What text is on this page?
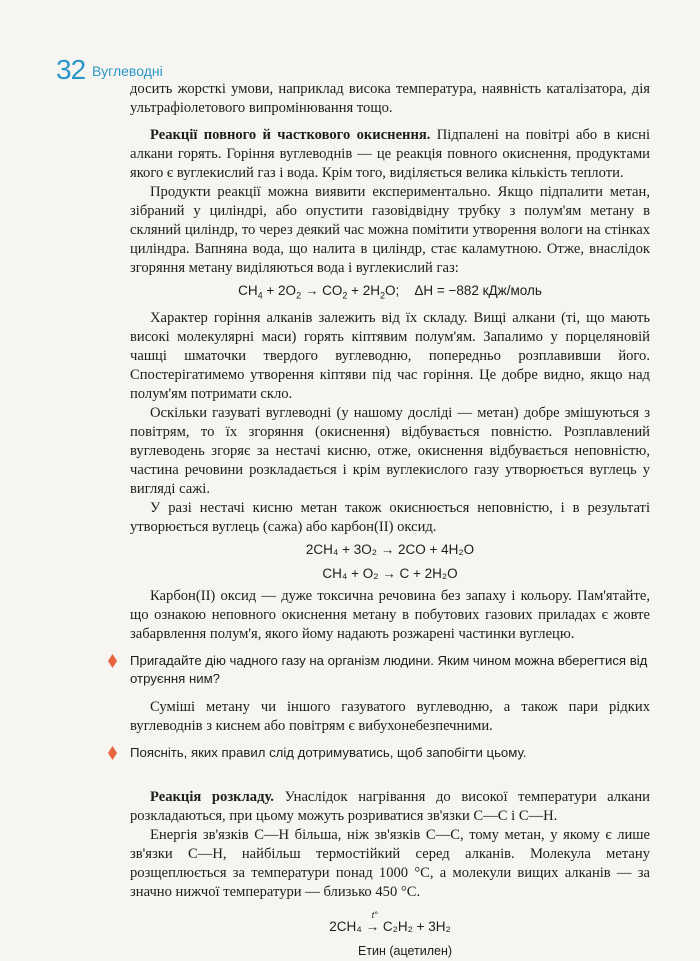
32 Вуглеводні

досить жорсткі умови, наприклад висока температура, наявність каталізатора, дія ультрафіолетового випромінювання тощо.

Реакції повного й часткового окиснення. Підпалені на повітрі або в кисні алкани горять. Горіння вуглеводнів — це реакція повного окиснення, продуктами якого є вуглекислий газ і вода. Крім того, виділяється велика кількість теплоти.

Продукти реакції можна виявити експериментально. Якщо підпалити метан, зібраний у циліндрі, або опустити газовідвідну трубку з полум'ям метану в скляний циліндр, то через деякий час можна помітити утворення вологи на стінках циліндра. Вапняна вода, що налита в циліндр, стає каламутною. Отже, внаслідок згоряння метану виділяються вода і вуглекислий газ:

$CH_4 + 2O_2 \to CO_2 + 2H_2O$; ΔH = −882 кДж/моль

Характер горіння алканів залежить від їх складу. Вищі алкани (ті, що мають високі молекулярні маси) горять кіптявим полум'ям. Запалимо у порцеляновій чашці шматочки твердого вуглеводню, попередньо розплавивши його. Спостерігатимемо утворення кіптяви під час горіння. Це добре видно, якщо над полум'ям потримати скло.

Оскільки газуваті вуглеводні (у нашому досліді — метан) добре змішуються з повітрям, то їх згоряння (окиснення) відбувається повністю. Розплавлений вуглеводень згоряє за нестачі кисню, отже, окиснення відбувається неповністю, частина речовини розкладається і крім вуглекислого газу утворюється вуглець у вигляді сажі.

У разі нестачі кисню метан також окиснюється неповністю, і в результаті утворюється вуглець (сажа) або карбон(ІІ) оксид.

2CH₄ + 3O₂ → 2CO + 4H₂O
CH₄ + O₂ → C + 2H₂O

Карбон(ІІ) оксид — дуже токсична речовина без запаху і кольору. Пам'ятайте, що ознакою неповного окиснення метану в побутових газових приладах є жовте забарвлення полум'я, якого йому надають розжарені частинки вуглецю.

Пригадайте дію чадного газу на організм людини. Яким чином можна вберегтися від отруєння ним?

Суміші метану чи іншого газуватого вуглеводню, а також пари рідких вуглеводнів з киснем або повітрям є вибухонебезпечними.

Поясніть, яких правил слід дотримуватись, щоб запобігти цьому.

Реакція розкладу. Унаслідок нагрівання до високої температури алкани розкладаються, при цьому можуть розриватися зв'язки C—C і C—H.

Енергія зв'язків C—H більша, ніж зв'язків C—C, тому метан, у якому є лише зв'язки C—H, найбільш термостійкий серед алканів. Молекула метану розщеплюється за температури понад 1000 °C, а молекули вищих алканів — за значно нижчої температури — близько 450 °C.

2CH₄
t°
→ C₂H₂ + 3H₂
Етин (ацетилен)
